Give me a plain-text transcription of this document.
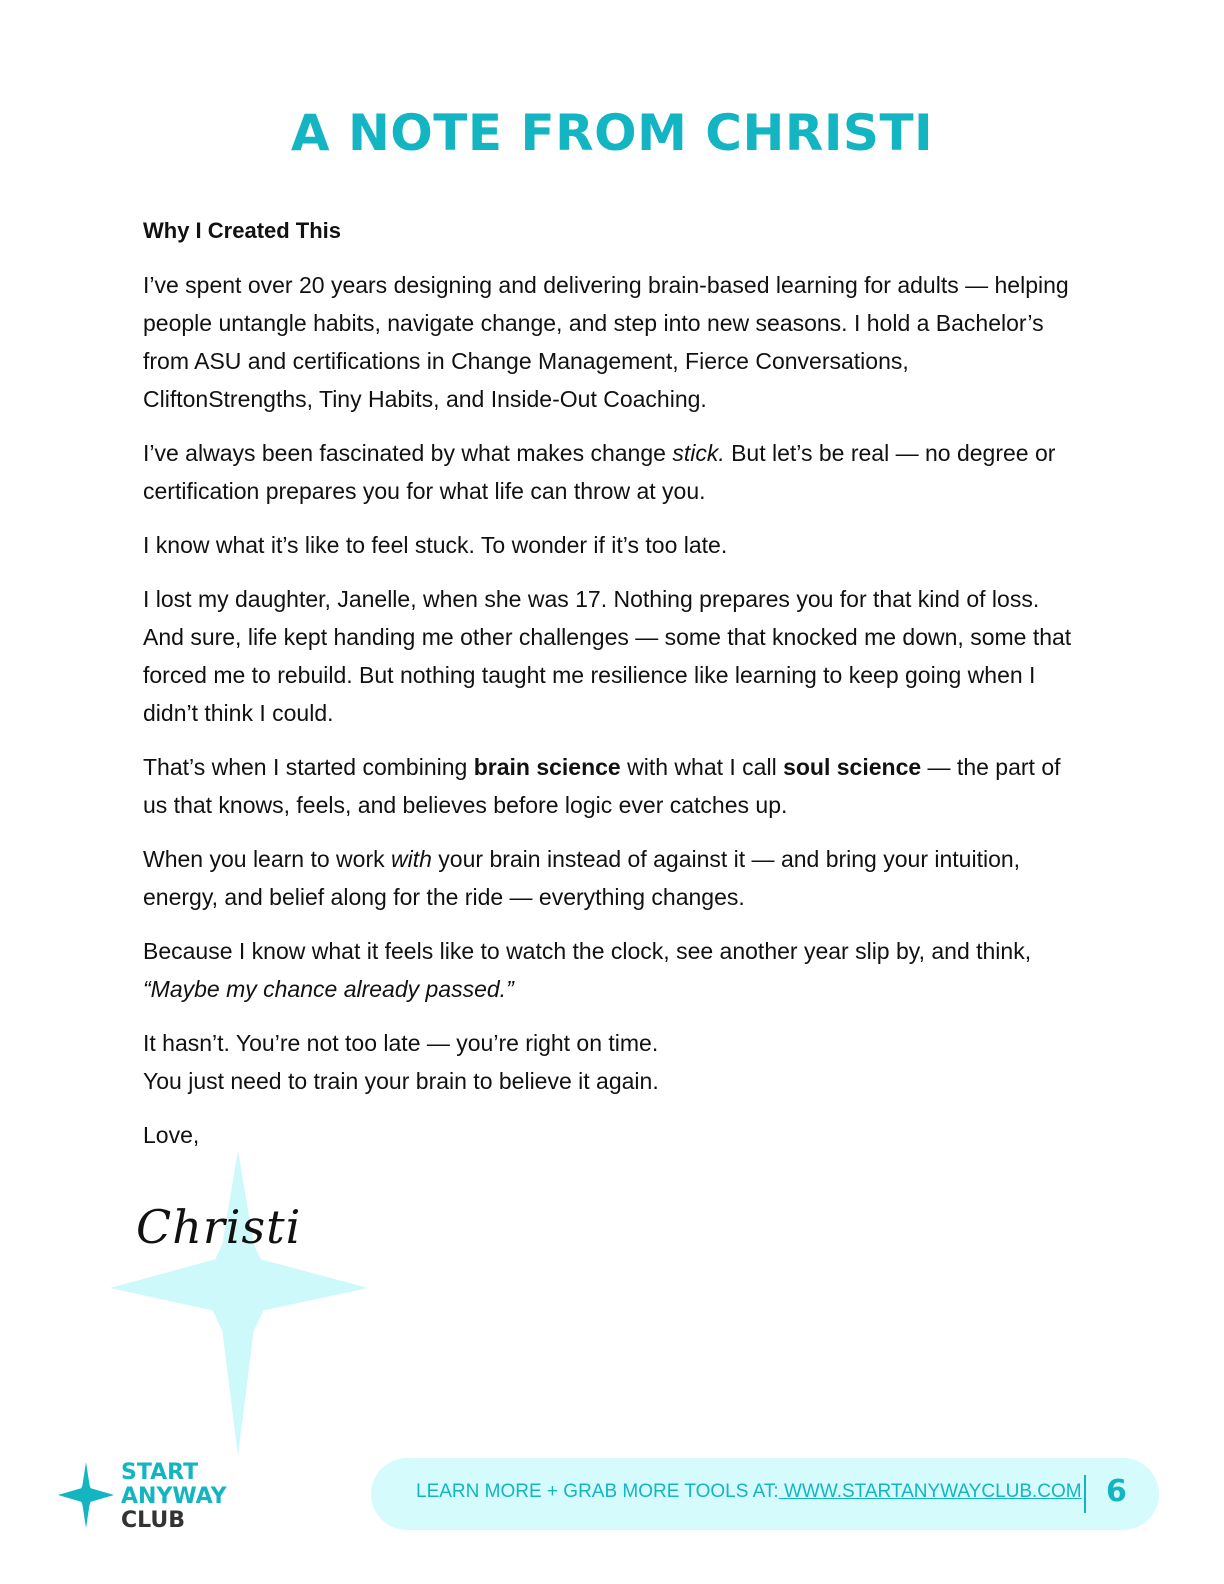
A NOTE FROM CHRISTI

Why I Created This

I’ve spent over 20 years designing and delivering brain-based learning for adults — helping people untangle habits, navigate change, and step into new seasons. I hold a Bachelor’s from ASU and certifications in Change Management, Fierce Conversations, CliftonStrengths, Tiny Habits, and Inside-Out Coaching.

I’ve always been fascinated by what makes change stick. But let’s be real — no degree or certification prepares you for what life can throw at you.

I know what it’s like to feel stuck. To wonder if it’s too late.

I lost my daughter, Janelle, when she was 17. Nothing prepares you for that kind of loss. And sure, life kept handing me other challenges — some that knocked me down, some that forced me to rebuild. But nothing taught me resilience like learning to keep going when I didn’t think I could.

That’s when I started combining brain science with what I call soul science — the part of us that knows, feels, and believes before logic ever catches up.

When you learn to work with your brain instead of against it — and bring your intuition, energy, and belief along for the ride — everything changes.

Because I know what it feels like to watch the clock, see another year slip by, and think, “Maybe my chance already passed.”

It hasn’t. You’re not too late — you’re right on time.
You just need to train your brain to believe it again.

Love,

Christi
START
ANYWAY
CLUB
LEARN MORE + GRAB MORE TOOLS AT: WWW.STARTANYWAYCLUB.COM 6
